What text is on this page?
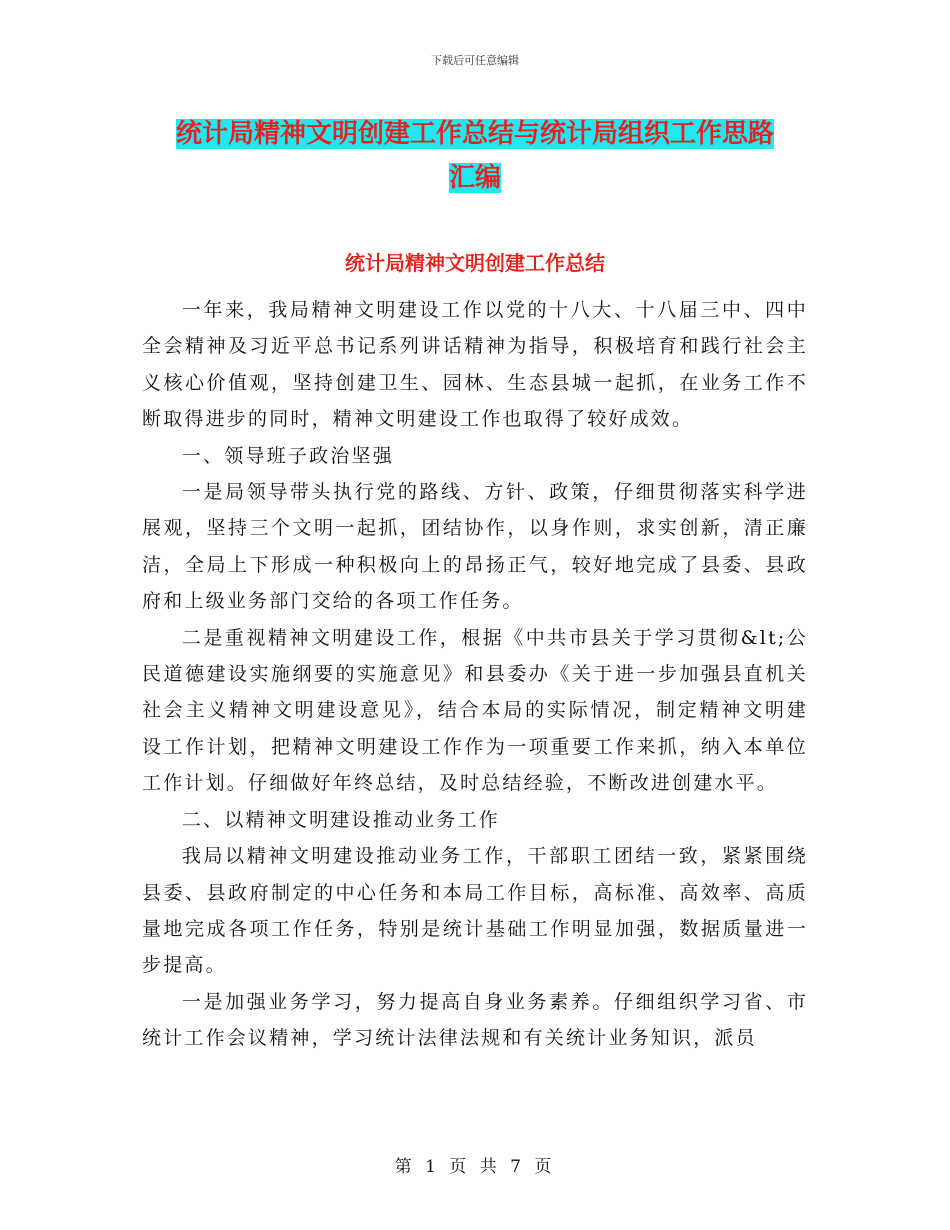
下载后可任意编辑
统计局精神文明创建工作总结与统计局组织工作思路
汇编
统计局精神文明创建工作总结

一年来，我局精神文明建设工作以党的十八大、十八届三中、四中全会精神及习近平总书记系列讲话精神为指导，积极培育和践行社会主义核心价值观，坚持创建卫生、园林、生态县城一起抓，在业务工作不断取得进步的同时，精神文明建设工作也取得了较好成效。

一、领导班子政治坚强

一是局领导带头执行党的路线、方针、政策，仔细贯彻落实科学进展观，坚持三个文明一起抓，团结协作，以身作则，求实创新，清正廉洁，全局上下形成一种积极向上的昂扬正气，较好地完成了县委、县政府和上级业务部门交给的各项工作任务。

二是重视精神文明建设工作，根据《中共市县关于学习贯彻&lt;公民道德建设实施纲要的实施意见》和县委办《关于进一步加强县直机关社会主义精神文明建设意见》，结合本局的实际情况，制定精神文明建设工作计划，把精神文明建设工作作为一项重要工作来抓，纳入本单位工作计划。仔细做好年终总结，及时总结经验，不断改进创建水平。

二、以精神文明建设推动业务工作

我局以精神文明建设推动业务工作，干部职工团结一致，紧紧围绕县委、县政府制定的中心任务和本局工作目标，高标准、高效率、高质量地完成各项工作任务，特别是统计基础工作明显加强，数据质量进一步提高。

一是加强业务学习，努力提高自身业务素养。仔细组织学习省、市统计工作会议精神，学习统计法律法规和有关统计业务知识，派员

第 1 页 共 7 页
